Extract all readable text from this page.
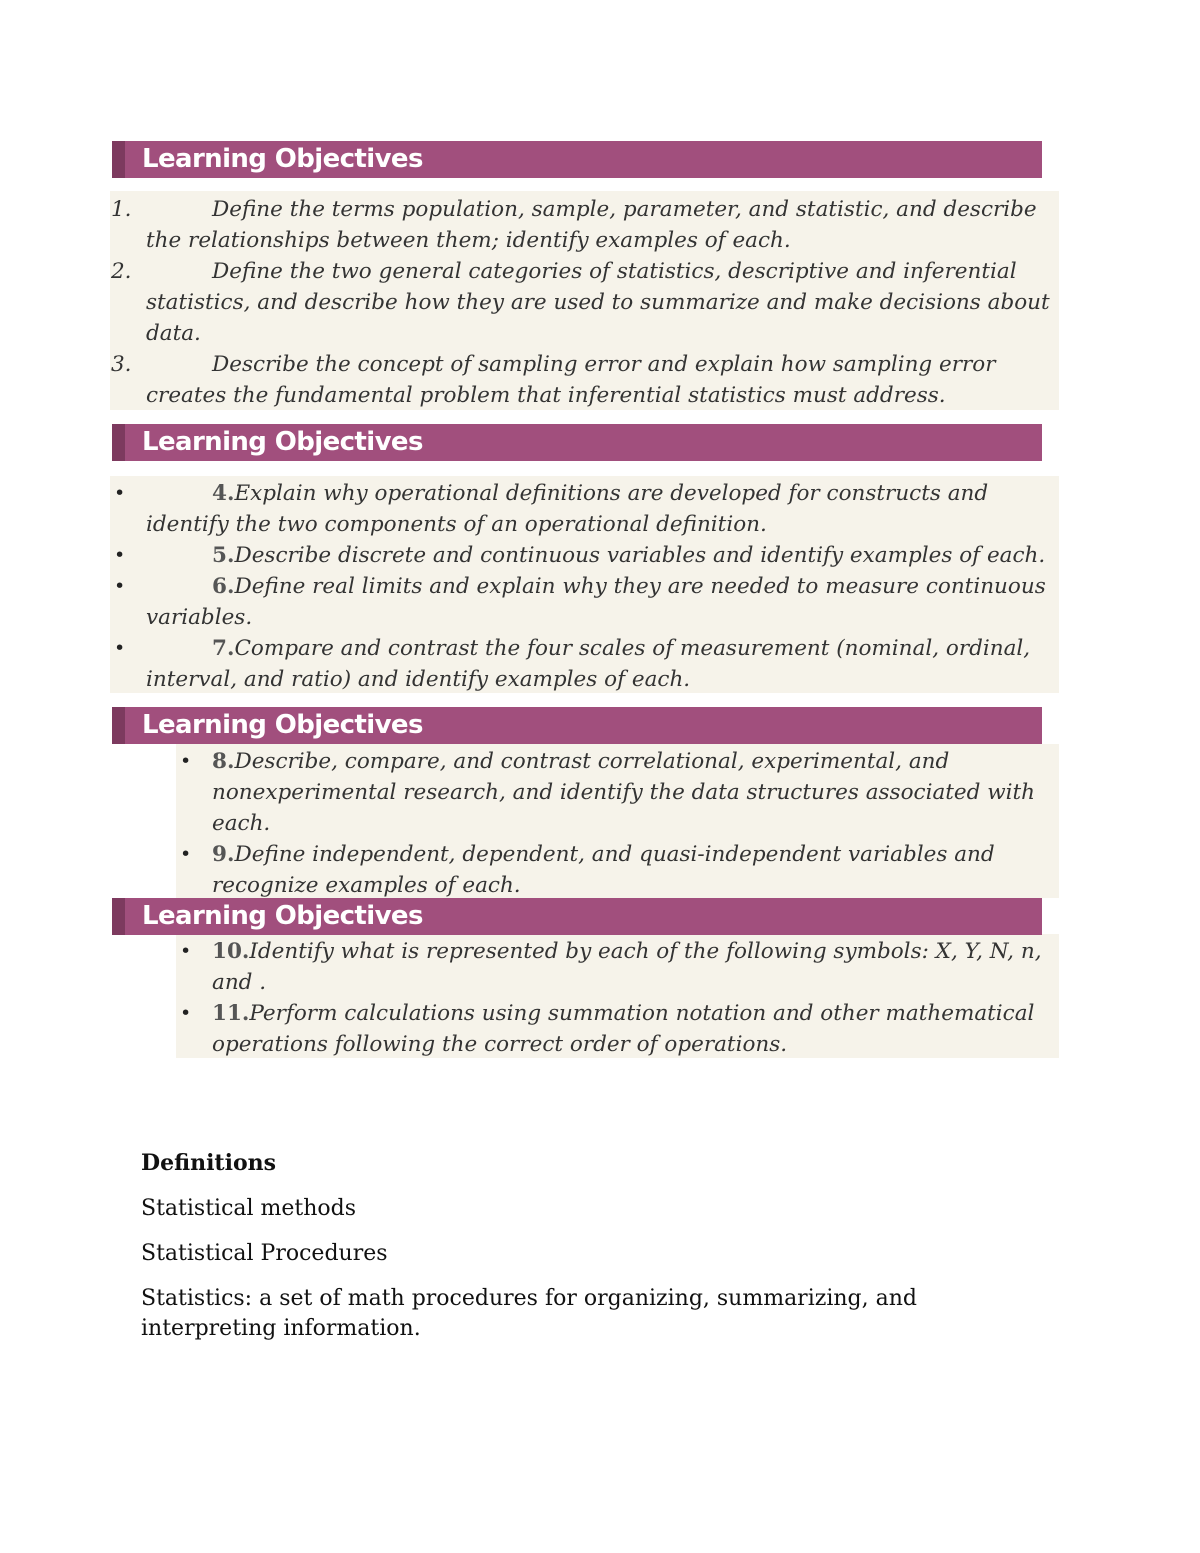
Learning Objectives
1.	Define the terms population, sample, parameter, and statistic, and describe the relationships between them; identify examples of each.
2.	Define the two general categories of statistics, descriptive and inferential statistics, and describe how they are used to summarize and make decisions about data.
3.	Describe the concept of sampling error and explain how sampling error creates the fundamental problem that inferential statistics must address.
Learning Objectives
•	4.Explain why operational definitions are developed for constructs and identify the two components of an operational definition.
•	5.Describe discrete and continuous variables and identify examples of each.
•	6.Define real limits and explain why they are needed to measure continuous variables.
•	7.Compare and contrast the four scales of measurement (nominal, ordinal, interval, and ratio) and identify examples of each.
Learning Objectives
• 8.Describe, compare, and contrast correlational, experimental, and nonexperimental research, and identify the data structures associated with each.
• 9.Define independent, dependent, and quasi-independent variables and recognize examples of each.
Learning Objectives
• 10.Identify what is represented by each of the following symbols: X, Y, N, n, and .
• 11.Perform calculations using summation notation and other mathematical operations following the correct order of operations.
Definitions
Statistical methods
Statistical Procedures
Statistics: a set of math procedures for organizing, summarizing, and interpreting information.
